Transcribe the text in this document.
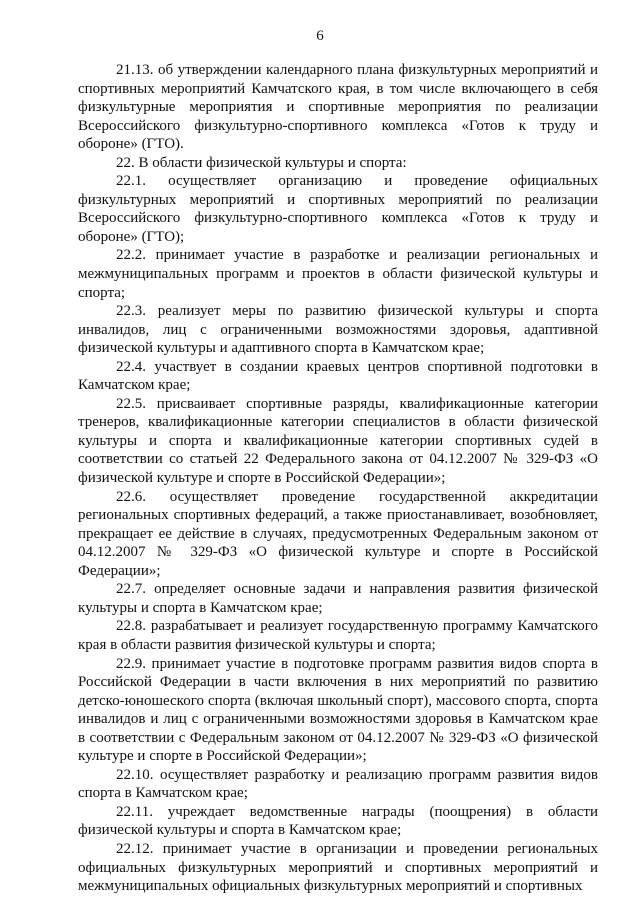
6

21.13. об утверждении календарного плана физкультурных мероприятий и спортивных мероприятий Камчатского края, в том числе включающего в себя физкультурные мероприятия и спортивные мероприятия по реализации Всероссийского физкультурно-спортивного комплекса «Готов к труду и обороне» (ГТО).

22. В области физической культуры и спорта:

22.1. осуществляет организацию и проведение официальных физкультурных мероприятий и спортивных мероприятий по реализации Всероссийского физкультурно-спортивного комплекса «Готов к труду и обороне» (ГТО);

22.2. принимает участие в разработке и реализации региональных и межмуниципальных программ и проектов в области физической культуры и спорта;

22.3. реализует меры по развитию физической культуры и спорта инвалидов, лиц с ограниченными возможностями здоровья, адаптивной физической культуры и адаптивного спорта в Камчатском крае;

22.4. участвует в создании краевых центров спортивной подготовки в Камчатском крае;

22.5. присваивает спортивные разряды, квалификационные категории тренеров, квалификационные категории специалистов в области физической культуры и спорта и квалификационные категории спортивных судей в соответствии со статьей 22 Федерального закона от 04.12.2007 № 329-ФЗ «О физической культуре и спорте в Российской Федерации»;

22.6. осуществляет проведение государственной аккредитации региональных спортивных федераций, а также приостанавливает, возобновляет, прекращает ее действие в случаях, предусмотренных Федеральным законом от 04.12.2007 № 329-ФЗ «О физической культуре и спорте в Российской Федерации»;

22.7. определяет основные задачи и направления развития физической культуры и спорта в Камчатском крае;

22.8. разрабатывает и реализует государственную программу Камчатского края в области развития физической культуры и спорта;

22.9. принимает участие в подготовке программ развития видов спорта в Российской Федерации в части включения в них мероприятий по развитию детско-юношеского спорта (включая школьный спорт), массового спорта, спорта инвалидов и лиц с ограниченными возможностями здоровья в Камчатском крае в соответствии с Федеральным законом от 04.12.2007 № 329-ФЗ «О физической культуре и спорте в Российской Федерации»;

22.10. осуществляет разработку и реализацию программ развития видов спорта в Камчатском крае;

22.11. учреждает ведомственные награды (поощрения) в области физической культуры и спорта в Камчатском крае;

22.12. принимает участие в организации и проведении региональных официальных физкультурных мероприятий и спортивных мероприятий и межмуниципальных официальных физкультурных мероприятий и спортивных
